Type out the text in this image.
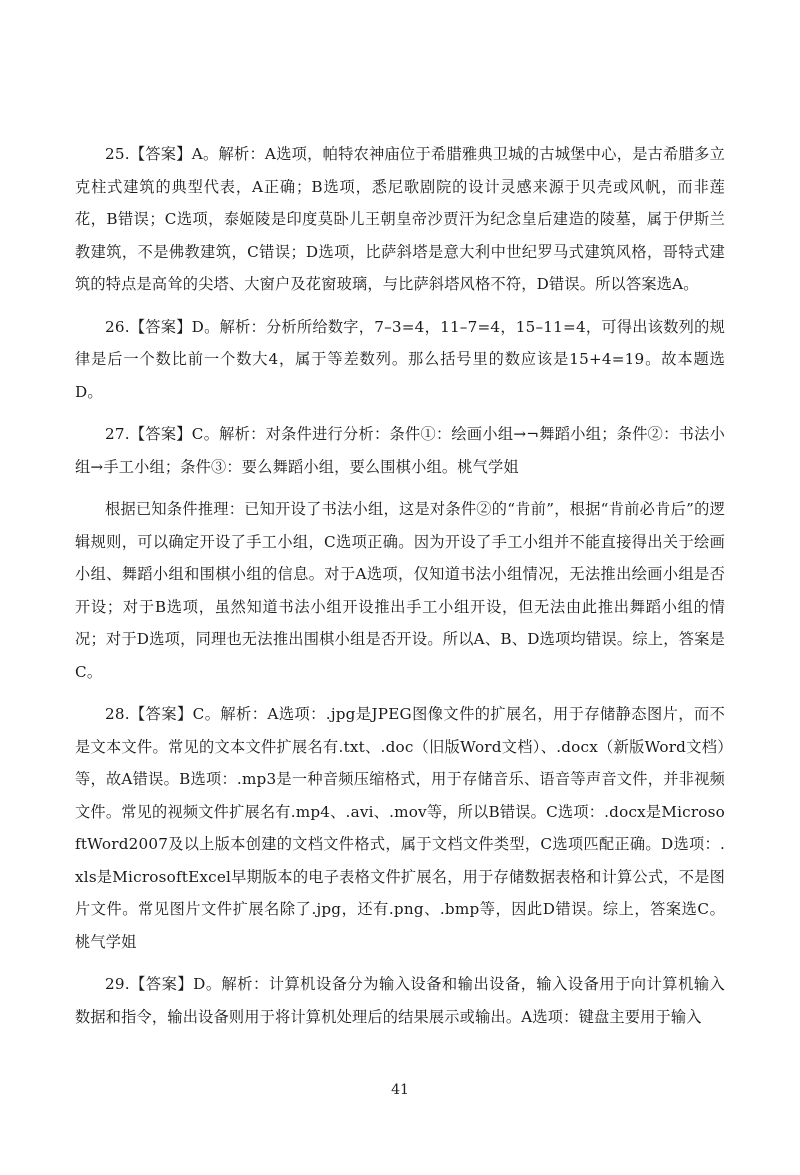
25.【答案】A。解析：A选项，帕特农神庙位于希腊雅典卫城的古城堡中心，是古希腊多立克柱式建筑的典型代表，A正确；B选项，悉尼歌剧院的设计灵感来源于贝壳或风帆，而非莲花，B错误；C选项，泰姬陵是印度莫卧儿王朝皇帝沙贾汗为纪念皇后建造的陵墓，属于伊斯兰教建筑，不是佛教建筑，C错误；D选项，比萨斜塔是意大利中世纪罗马式建筑风格，哥特式建筑的特点是高耸的尖塔、大窗户及花窗玻璃，与比萨斜塔风格不符，D错误。所以答案选A。

26.【答案】D。解析：分析所给数字，7–3=4，11–7=4，15–11=4，可得出该数列的规律是后一个数比前一个数大4，属于等差数列。那么括号里的数应该是15+4=19。故本题选D。

27.【答案】C。解析：对条件进行分析：条件①：绘画小组→¬舞蹈小组；条件②：书法小组→手工小组；条件③：要么舞蹈小组，要么围棋小组。桃气学姐

根据已知条件推理：已知开设了书法小组，这是对条件②的“肯前”，根据“肯前必肯后”的逻辑规则，可以确定开设了手工小组，C选项正确。因为开设了手工小组并不能直接得出关于绘画小组、舞蹈小组和围棋小组的信息。对于A选项，仅知道书法小组情况，无法推出绘画小组是否开设；对于B选项，虽然知道书法小组开设推出手工小组开设，但无法由此推出舞蹈小组的情况；对于D选项，同理也无法推出围棋小组是否开设。所以A、B、D选项均错误。综上，答案是C。

28.【答案】C。解析：A选项：.jpg是JPEG图像文件的扩展名，用于存储静态图片，而不是文本文件。常见的文本文件扩展名有.txt、.doc（旧版Word文档）、.docx（新版Word文档）等，故A错误。B选项：.mp3是一种音频压缩格式，用于存储音乐、语音等声音文件，并非视频文件。常见的视频文件扩展名有.mp4、.avi、.mov等，所以B错误。C选项：.docx是MicrosoftWord2007及以上版本创建的文档文件格式，属于文档文件类型，C选项匹配正确。D选项：.xls是MicrosoftExcel早期版本的电子表格文件扩展名，用于存储数据表格和计算公式，不是图片文件。常见图片文件扩展名除了.jpg，还有.png、.bmp等，因此D错误。综上，答案选C。桃气学姐

29.【答案】D。解析：计算机设备分为输入设备和输出设备，输入设备用于向计算机输入数据和指令，输出设备则用于将计算机处理后的结果展示或输出。A选项：键盘主要用于输入

41
